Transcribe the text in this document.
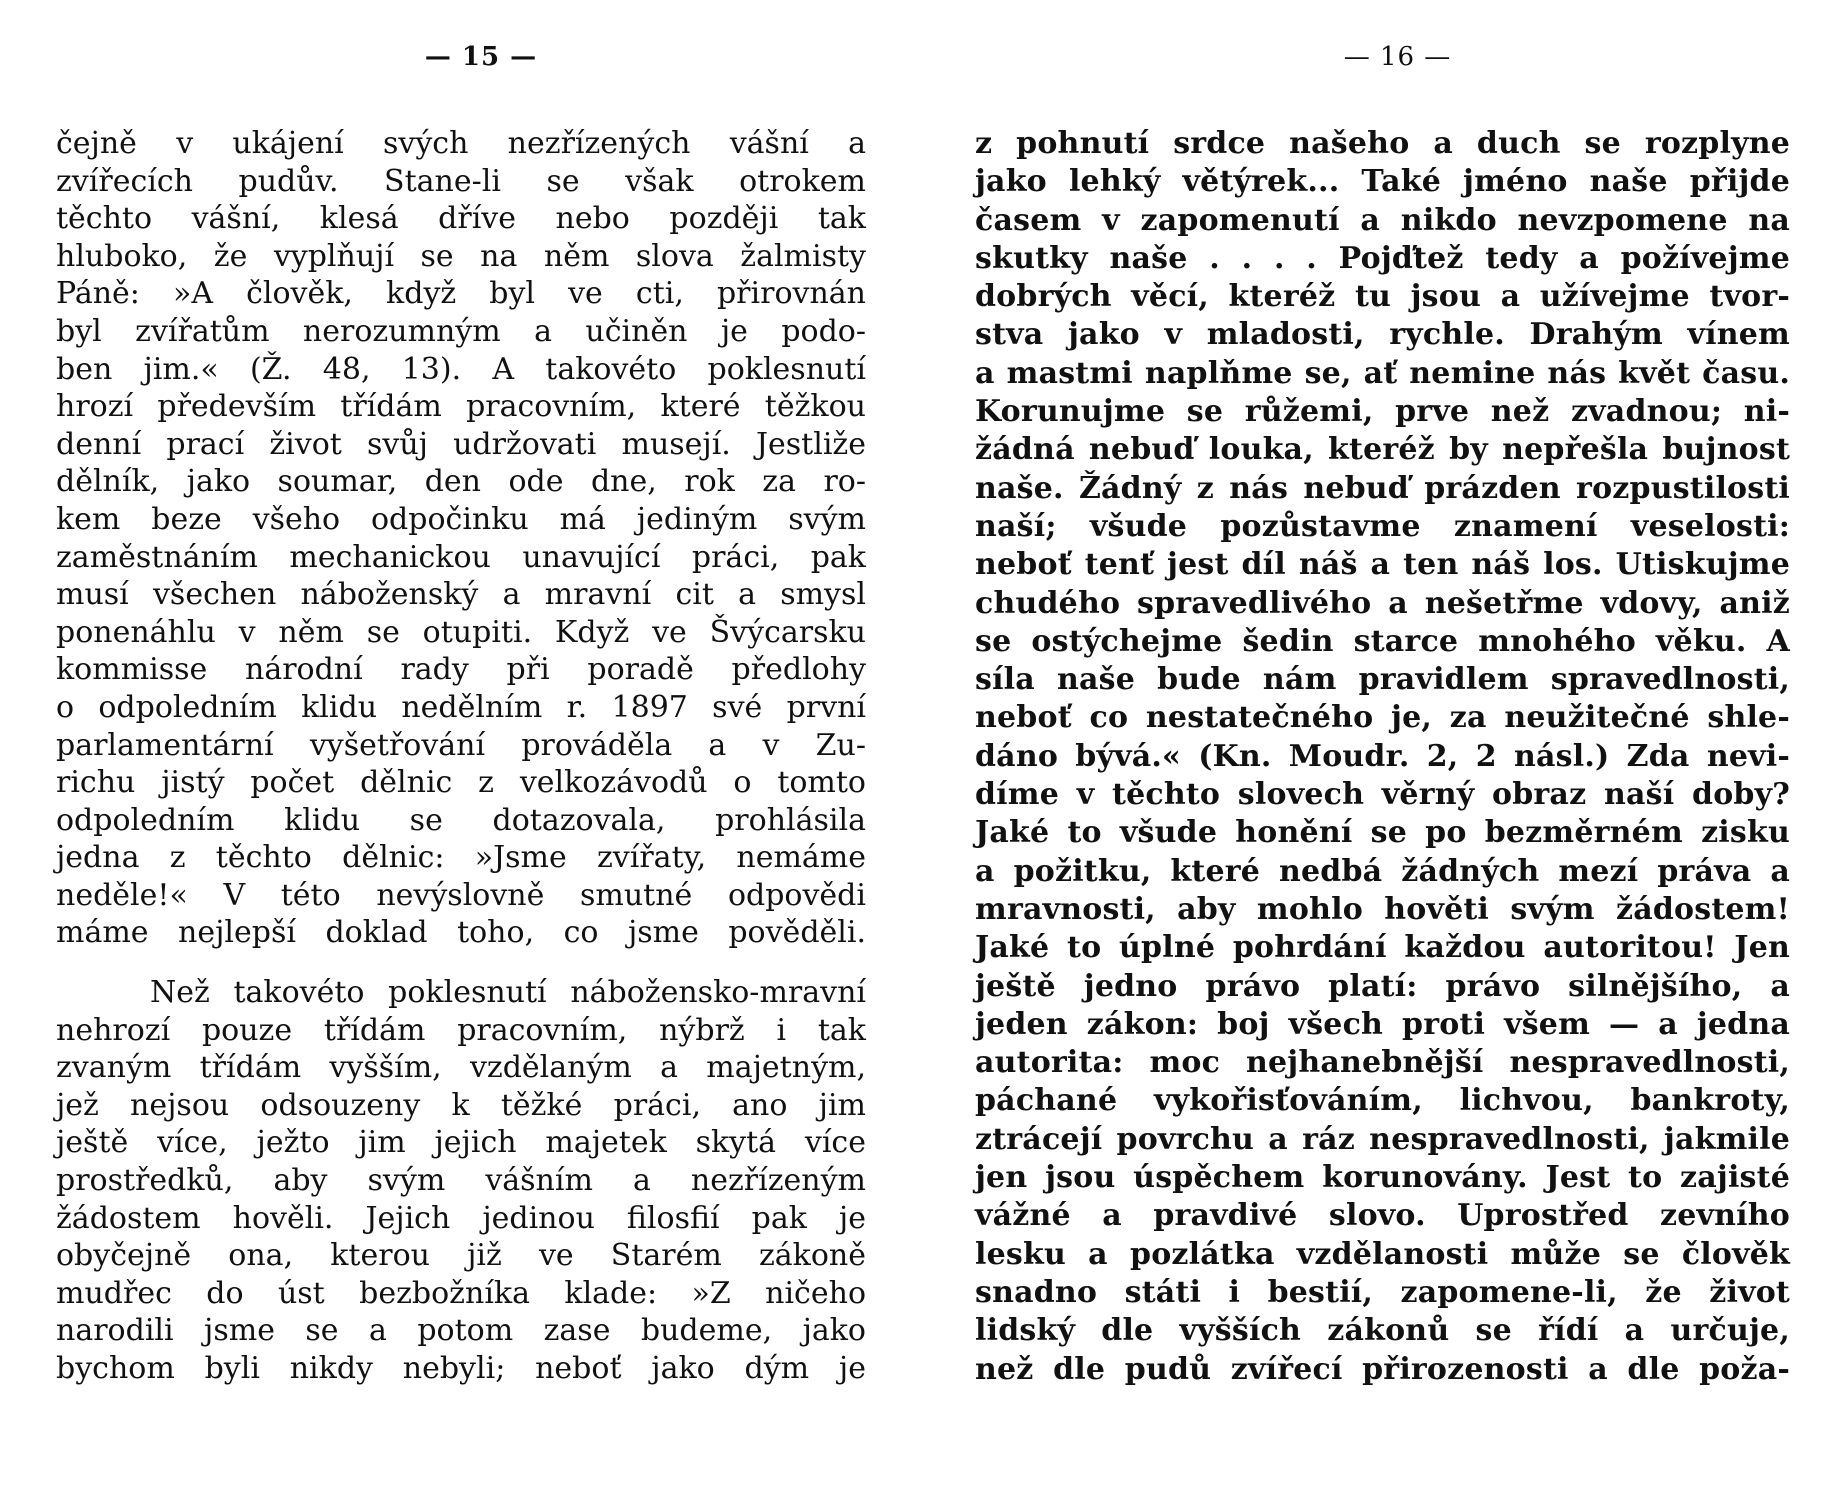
— 15 —
čejně v ukájení svých nezřízených vášní a
zvířecích pudův. Stane-li se však otrokem
těchto vášní, klesá dříve nebo později tak
hluboko, že vyplňují se na něm slova žalmisty
Páně: »A člověk, když byl ve cti, přirovnán
byl zvířatům nerozumným a učiněn je podo-
ben jim.« (Ž. 48, 13). A takovéto poklesnutí
hrozí především třídám pracovním, které těžkou
denní prací život svůj udržovati musejí. Jestliže
dělník, jako soumar, den ode dne, rok za ro-
kem beze všeho odpočinku má jediným svým
zaměstnáním mechanickou unavující práci, pak
musí všechen náboženský a mravní cit a smysl
ponenáhlu v něm se otupiti. Když ve Švýcarsku
kommisse národní rady při poradě předlohy
o odpoledním klidu nedělním r. 1897 své první
parlamentární vyšetřování prováděla a v Zu-
richu jistý počet dělnic z velkozávodů o tomto
odpoledním klidu se dotazovala, prohlásila
jedna z těchto dělnic: »Jsme zvířaty, nemáme
neděle!« V této nevýslovně smutné odpovědi
máme nejlepší doklad toho, co jsme pověděli.
Než takovéto poklesnutí nábožensko-mravní
nehrozí pouze třídám pracovním, nýbrž i tak
zvaným třídám vyšším, vzdělaným a majetným,
jež nejsou odsouzeny k těžké práci, ano jim
ještě více, ježto jim jejich majetek skytá více
prostředků, aby svým vášním a nezřízeným
žádostem hověli. Jejich jedinou filosfií pak je
obyčejně ona, kterou již ve Starém zákoně
mudřec do úst bezbožníka klade: »Z ničeho
narodili jsme se a potom zase budeme, jako
bychom byli nikdy nebyli; neboť jako dým je
— 16 —
z pohnutí srdce našeho a duch se rozplyne
jako lehký větýrek... Také jméno naše přijde
časem v zapomenutí a nikdo nevzpomene na
skutky naše . . . . Pojďtež tedy a požívejme
dobrých věcí, kteréž tu jsou a užívejme tvor-
stva jako v mladosti, rychle. Drahým vínem
a mastmi naplňme se, ať nemine nás květ času.
Korunujme se růžemi, prve než zvadnou; ni-
žádná nebuď louka, kteréž by nepřešla bujnost
naše. Žádný z nás nebuď prázden rozpustilosti
naší; všude pozůstavme znamení veselosti:
neboť tenť jest díl náš a ten náš los. Utiskujme
chudého spravedlivého a nešetřme vdovy, aniž
se ostýchejme šedin starce mnohého věku. A
síla naše bude nám pravidlem spravedlnosti,
neboť co nestatečného je, za neužitečné shle-
dáno bývá.« (Kn. Moudr. 2, 2 násl.) Zda nevi-
díme v těchto slovech věrný obraz naší doby?
Jaké to všude honění se po bezměrném zisku
a požitku, které nedbá žádných mezí práva a
mravnosti, aby mohlo hověti svým žádostem!
Jaké to úplné pohrdání každou autoritou! Jen
ještě jedno právo platí: právo silnějšího, a
jeden zákon: boj všech proti všem — a jedna
autorita: moc nejhanebnější nespravedlnosti,
páchané vykořisťováním, lichvou, bankroty,
ztrácejí povrchu a ráz nespravedlnosti, jakmile
jen jsou úspěchem korunovány. Jest to zajisté
vážné a pravdivé slovo. Uprostřed zevního
lesku a pozlátka vzdělanosti může se člověk
snadno státi i bestií, zapomene-li, že život
lidský dle vyšších zákonů se řídí a určuje,
než dle pudů zvířecí přirozenosti a dle poža-
